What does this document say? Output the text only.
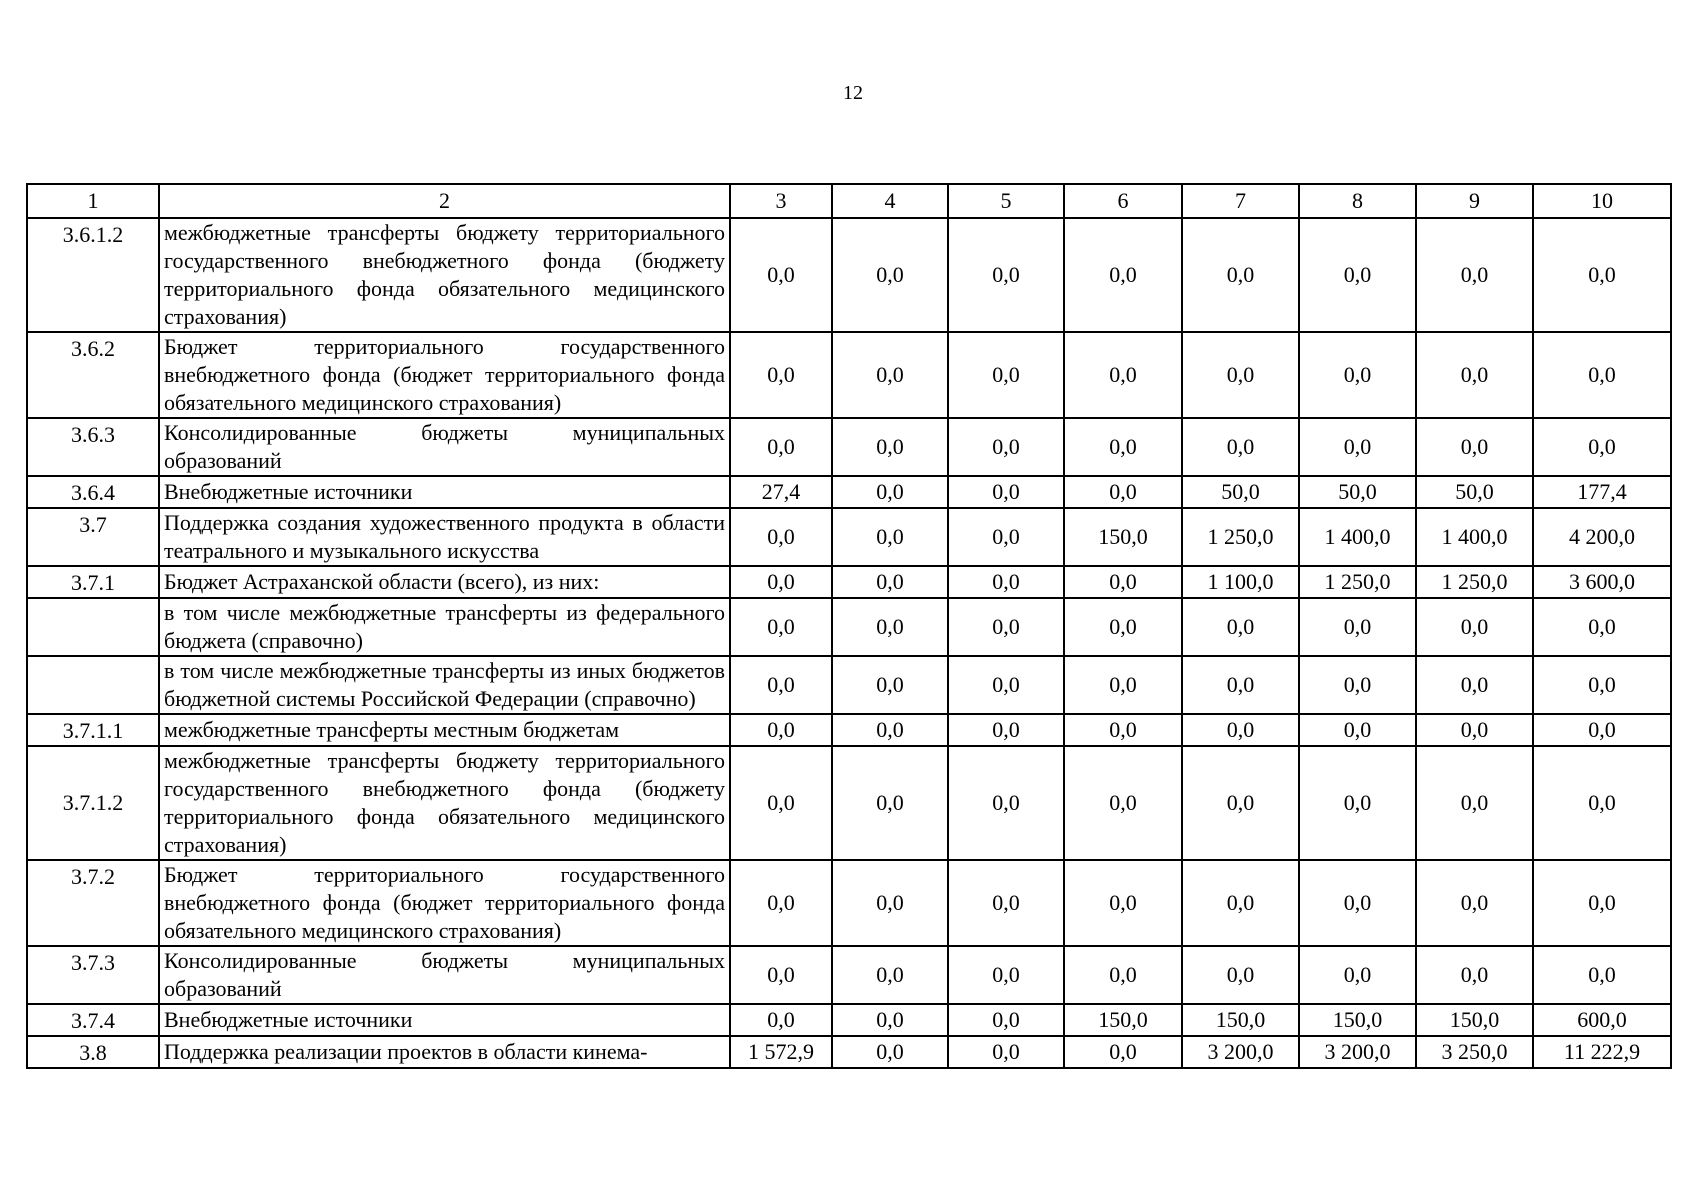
12
1	2	3	4	5	6	7	8	9	10
3.6.1.2	межбюджетные трансферты бюджету территориального государственного внебюджетного фонда (бюджету территориального фонда обязательного медицинского страхования)	0,0	0,0	0,0	0,0	0,0	0,0	0,0	0,0
3.6.2	Бюджет территориального государственного внебюджетного фонда (бюджет территориального фонда обязательного медицинского страхования)	0,0	0,0	0,0	0,0	0,0	0,0	0,0	0,0
3.6.3	Консолидированные бюджеты муниципальных образований	0,0	0,0	0,0	0,0	0,0	0,0	0,0	0,0
3.6.4	Внебюджетные источники	27,4	0,0	0,0	0,0	50,0	50,0	50,0	177,4
3.7	Поддержка создания художественного продукта в области театрального и музыкального искусства	0,0	0,0	0,0	150,0	1 250,0	1 400,0	1 400,0	4 200,0
3.7.1	Бюджет Астраханской области (всего), из них:	0,0	0,0	0,0	0,0	1 100,0	1 250,0	1 250,0	3 600,0
	в том числе межбюджетные трансферты из федерального бюджета (справочно)	0,0	0,0	0,0	0,0	0,0	0,0	0,0	0,0
	в том числе межбюджетные трансферты из иных бюджетов бюджетной системы Российской Федерации (справочно)	0,0	0,0	0,0	0,0	0,0	0,0	0,0	0,0
3.7.1.1	межбюджетные трансферты местным бюджетам	0,0	0,0	0,0	0,0	0,0	0,0	0,0	0,0
3.7.1.2	межбюджетные трансферты бюджету территориального государственного внебюджетного фонда (бюджету территориального фонда обязательного медицинского страхования)	0,0	0,0	0,0	0,0	0,0	0,0	0,0	0,0
3.7.2	Бюджет территориального государственного внебюджетного фонда (бюджет территориального фонда обязательного медицинского страхования)	0,0	0,0	0,0	0,0	0,0	0,0	0,0	0,0
3.7.3	Консолидированные бюджеты муниципальных образований	0,0	0,0	0,0	0,0	0,0	0,0	0,0	0,0
3.7.4	Внебюджетные источники	0,0	0,0	0,0	150,0	150,0	150,0	150,0	600,0
3.8	Поддержка реализации проектов в области кинема-	1 572,9	0,0	0,0	0,0	3 200,0	3 200,0	3 250,0	11 222,9
